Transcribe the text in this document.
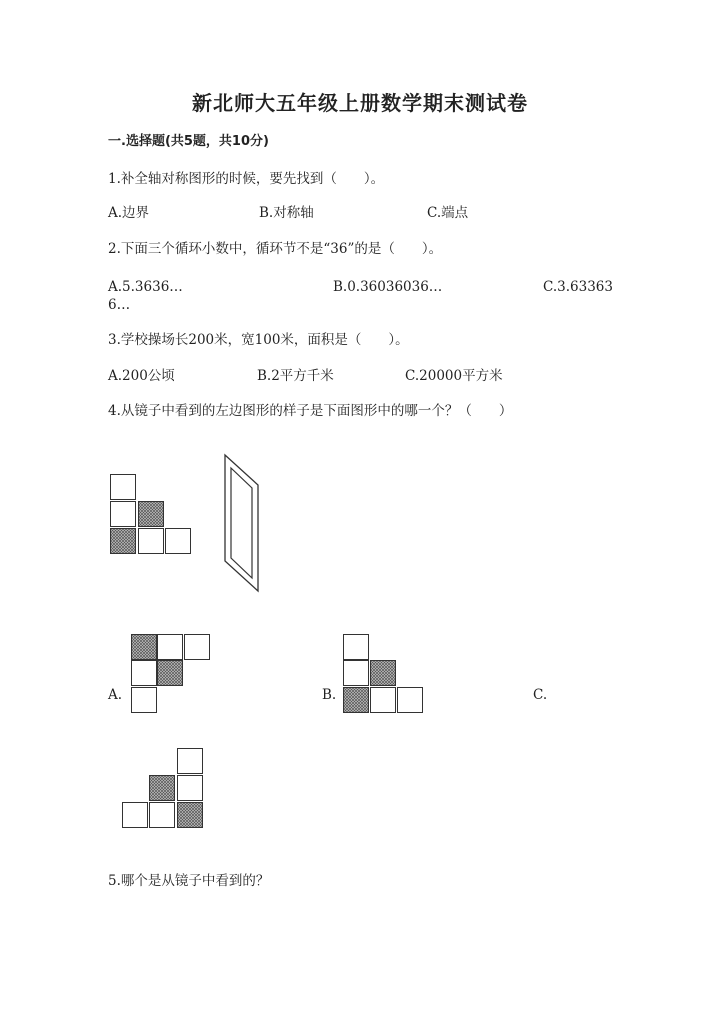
新北师大五年级上册数学期末测试卷
一.选择题(共5题，共10分)
1.补全轴对称图形的时候，要先找到（　　）。
A.边界	B.对称轴	C.端点
2.下面三个循环小数中，循环节不是“36”的是（　　）。
A.5.3636…	B.0.36036036…	C.3.63363
6…
3.学校操场长200米，宽100米，面积是（　　）。
A.200公顷	B.2平方千米	C.20000平方米
4.从镜子中看到的左边图形的样子是下面图形中的哪一个？（　　）
A.	B.	C.
5.哪个是从镜子中看到的？
